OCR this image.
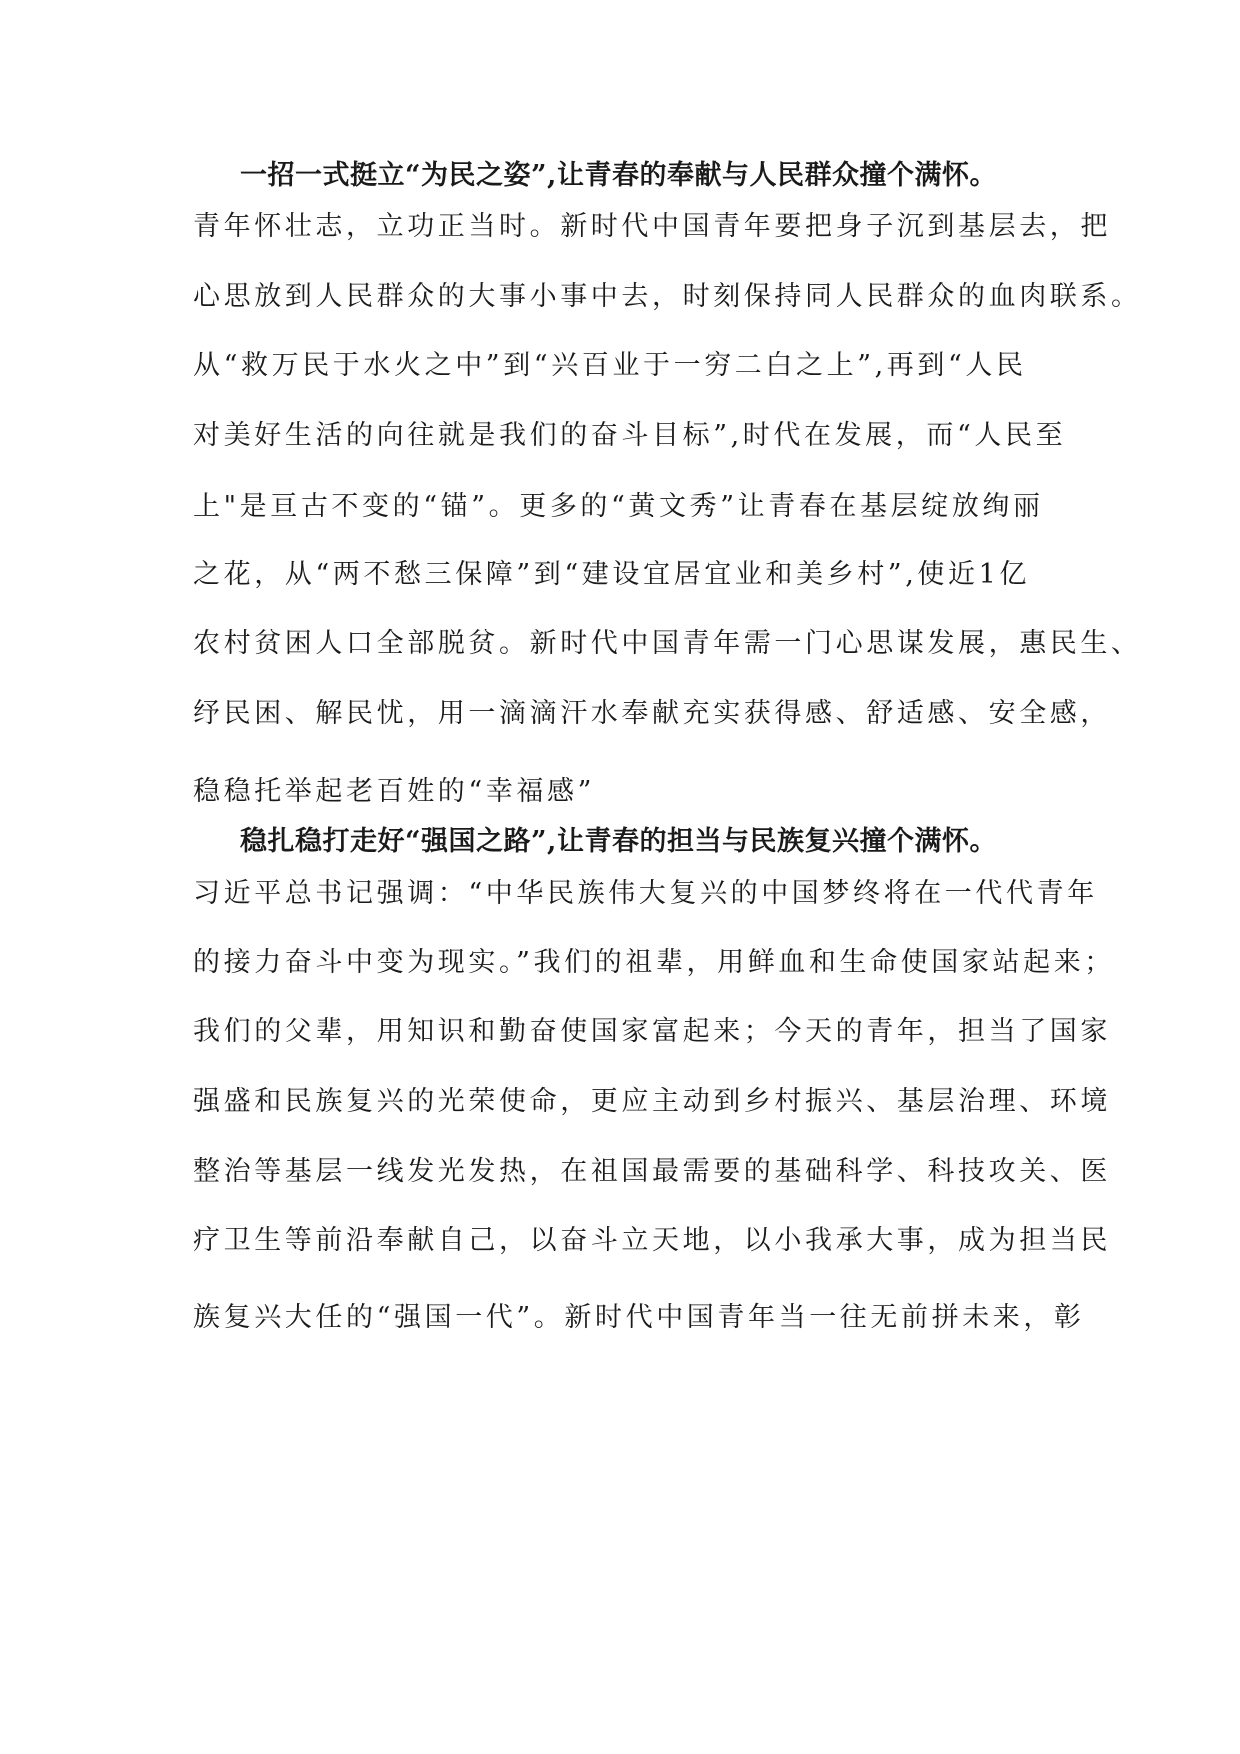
一招一式挺立“为民之姿”,让青春的奉献与人民群众撞个满怀。
青年怀壮志，立功正当时。新时代中国青年要把身子沉到基层去，把
心思放到人民群众的大事小事中去，时刻保持同人民群众的血肉联系。
从“救万民于水火之中”到“兴百业于一穷二白之上”,再到“人民
对美好生活的向往就是我们的奋斗目标”,时代在发展，而“人民至
上"是亘古不变的“锚”。更多的“黄文秀”让青春在基层绽放绚丽
之花，从“两不愁三保障”到“建设宜居宜业和美乡村”,使近1亿
农村贫困人口全部脱贫。新时代中国青年需一门心思谋发展，惠民生、
纾民困、解民忧，用一滴滴汗水奉献充实获得感、舒适感、安全感，
稳稳托举起老百姓的“幸福感”
稳扎稳打走好“强国之路”,让青春的担当与民族复兴撞个满怀。
习近平总书记强调：“中华民族伟大复兴的中国梦终将在一代代青年
的接力奋斗中变为现实。”我们的祖辈，用鲜血和生命使国家站起来；
我们的父辈，用知识和勤奋使国家富起来；今天的青年，担当了国家
强盛和民族复兴的光荣使命，更应主动到乡村振兴、基层治理、环境
整治等基层一线发光发热，在祖国最需要的基础科学、科技攻关、医
疗卫生等前沿奉献自己，以奋斗立天地，以小我承大事，成为担当民
族复兴大任的“强国一代”。新时代中国青年当一往无前拼未来，彰
